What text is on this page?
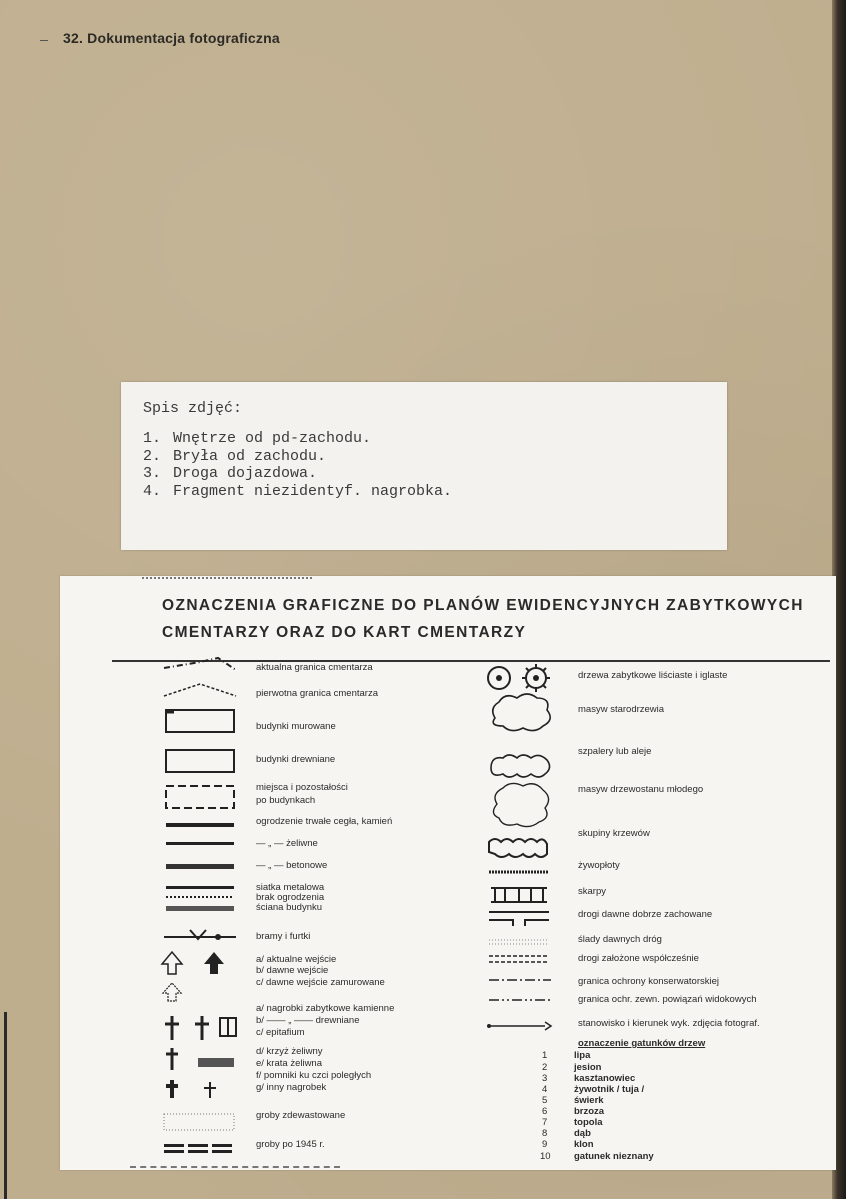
32. Dokumentacja fotograficzna
Spis zdjęć:
1. Wnętrze od pd-zachodu.
2. Bryła od zachodu.
3. Droga dojazdowa.
4. Fragment niezidentyf. nagrobka.
OZNACZENIA GRAFICZNE DO PLANÓW EWIDENCYJNYCH ZABYTKOWYCH
CMENTARZY ORAZ DO KART CMENTARZY
aktualna granica cmentarza
pierwotna granica cmentarza
budynki murowane
budynki drewniane
miejsca i pozostałości
po budynkach
ogrodzenie trwałe cegła, kamień
— „ — żeliwne
— „ — betonowe
siatka metalowa
brak ogrodzenia
ściana budynku
bramy i furtki
a/ aktualne wejście
b/ dawne wejście
c/ dawne wejście zamurowane
a/ nagrobki zabytkowe kamienne
b/ —— „ —— drewniane
c/ epitafium
d/ krzyż żeliwny
e/ krata żeliwna
f/ pomniki ku czci poległych
g/ inny nagrobek
groby zdewastowane
groby po 1945 r.
drzewa zabytkowe liściaste i iglaste
masyw starodrzewia
szpalery lub aleje
masyw drzewostanu młodego
skupiny krzewów
żywopłoty
skarpy
drogi dawne dobrze zachowane
ślady dawnych dróg
drogi założone współcześnie
granica ochrony konserwatorskiej
granica ochr. zewn. powiązań widokowych
stanowisko i kierunek wyk. zdjęcia fotograf.
oznaczenie gatunków drzew
1	lipa
2	jesion
3	kasztanowiec
4	żywotnik / tuja /
5	świerk
6	brzoza
7	topola
8	dąb
9	klon
10 gatunek nieznany
